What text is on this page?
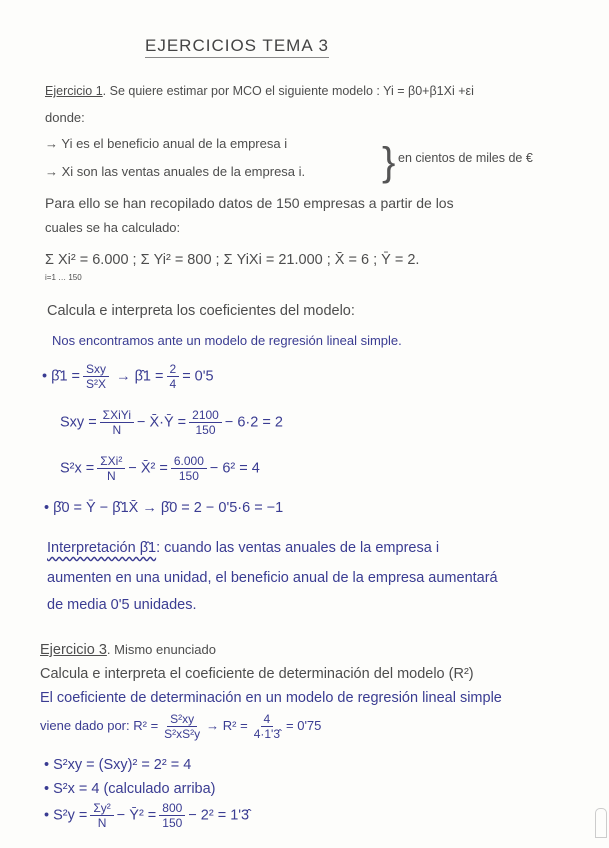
EJERCICIOS TEMA 3
Ejercicio 1. Se quiere estimar por MCO el siguiente modelo : Yi = β0+β1Xi +εi
donde:
→ Yi es el beneficio anual de la empresa i
→ Xi son las ventas anuales de la empresa i. } en cientos de miles de €
Para ello se han recopilado datos de 150 empresas a partir de los
cuales se ha calculado:
Σ Xi² = 6.000 ; Σ Yi² = 800 ; Σ YiXi = 21.000 ; X̄ = 6 ; Ȳ = 2.
i=1 … 150
Calcula e interpreta los coeficientes del modelo:
Nos encontramos ante un modelo de regresión lineal simple.
• β̂1 = $\frac{\text{Sxy}}{\text{S²X}}$ → β̂1 = $\frac{2}{4} = 0'5$
Sxy = $\frac{\text{ΣXiYi}}{N}$ − X̄·Ȳ = $\frac{2100}{150} - 6\cdot 2 = 2$
$S^2x = \frac{\text{ΣXi²}}{N}$ − X̄² = $\frac{6.000}{150} - 6^2 = 4$
• β̂0 = Ȳ − β̂1X̄ → β̂0 = 2 − 0'5·6 = −1
Interpretación β̂1: cuando las ventas anuales de la empresa i
aumenten en una unidad, el beneficio anual de la empresa aumentará
de media 0'5 unidades.
Ejercicio 3. Mismo enunciado
Calcula e interpreta el coeficiente de determinación del modelo (R²)
El coeficiente de determinación en un modelo de regresión lineal simple
viene dado por: $R^2 = \frac{\text{S²xy}}{\text{S²xS²y}} \to R^2 = \frac{4}{4\cdot 1'3̂} = 0'75$
• S²xy = (Sxy)² = 2² = 4
• S²x = 4 (calculado arriba)
• $S^2y = \frac{\text{Σy²}}{N}$ − Ȳ² = $\frac{800}{150} - 2^2$ = 1'3̂
